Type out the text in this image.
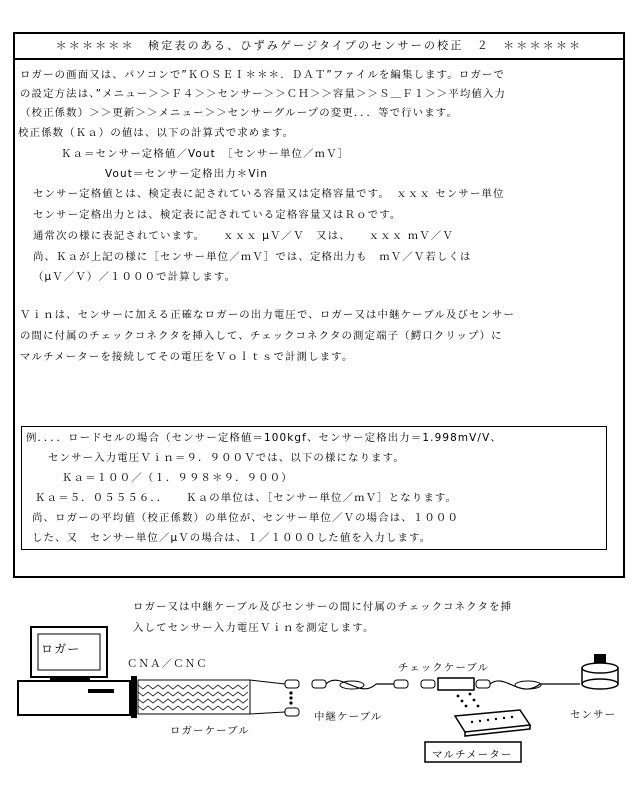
＊＊＊＊＊＊　検定表のある、ひずみゲージタイプのセンサーの校正　２　＊＊＊＊＊＊
ロガーの画面又は、パソコンで”ＫＯＳＥＩ＊＊＊．ＤＡＴ”ファイルを編集します。ロガーで
の設定方法は、”メニュー＞＞Ｆ４＞＞センサー＞＞ＣＨ＞＞容量＞＞Ｓ＿Ｆ１＞＞平均値入力
（校正係数）＞＞更新＞＞メニュー＞＞センサーグループの変更．．．等で行います。
校正係数（Ｋａ）の値は、以下の計算式で求めます。
Ｋａ＝センサー定格値／Vout　［センサー単位／ｍＶ］
Vout＝センサー定格出力＊Vin
センサー定格値とは、検定表に記されている容量又は定格容量です。　ｘｘｘ センサー単位
センサー定格出力とは、検定表に記されている定格容量又はＲｏです。
通常次の様に表記されています。　　ｘｘｘ μＶ／Ｖ　又は、　　ｘｘｘ ｍＶ／Ｖ
尚、Ｋａが上記の様に［センサー単位／ｍＶ］では、定格出力も　ｍＶ／Ｖ若しくは
（μＶ／Ｖ）／１０００で計算します。
Ｖｉｎは、センサーに加える正確なロガーの出力電圧で、ロガー又は中継ケーブル及びセンサー
の間に付属のチェックコネクタを挿入して、チェックコネクタの測定端子（鰐口クリップ）に
マルチメーターを接続してその電圧をＶｏｌｔｓで計測します。
例．．．．ロードセルの場合（センサー定格値＝100kgf、センサー定格出力＝1.998mV/V、
センサー入力電圧Ｖｉｎ＝９．９００Ｖでは、以下の様になります。
Ｋａ＝１００／（１．９９８＊９．９００）
Ｋａ＝５．０５５５６．．　　Ｋａの単位は、［センサー単位／ｍＶ］となります。
尚、ロガーの平均値（校正係数）の単位が、センサー単位／Ｖの場合は、１０００
した、又　センサー単位／μＶの場合は、１／１０００した値を入力します。
ロガー又は中継ケーブル及びセンサーの間に付属のチェックコネクタを挿
入してセンサー入力電圧Ｖｉｎを測定します。
ロガー
ＣＮＡ／ＣＮＣ
ロガーケーブル
中継ケーブル
チェックケーブル
センサー
マルチメーター
